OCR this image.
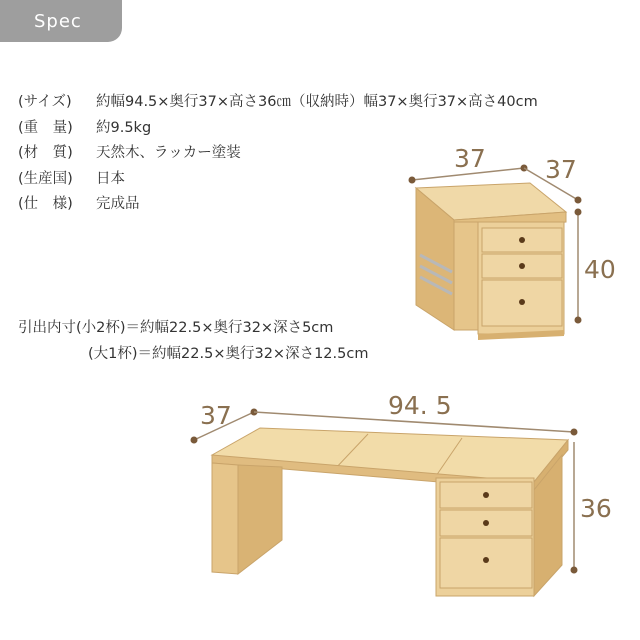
Spec
(サイズ)	約幅94.5×奥行37×高さ36㎝（収納時）幅37×奥行37×高さ40cm
(重　量)	約9.5kg
(材　質)	天然木、ラッカー塗装
(生産国)	日本
(仕　様)	完成品
引出内寸(小2杯)＝約幅22.5×奥行32×深さ5cm
(大1杯)＝約幅22.5×奥行32×深さ12.5cm
37 37
40
37	94. 5
36
